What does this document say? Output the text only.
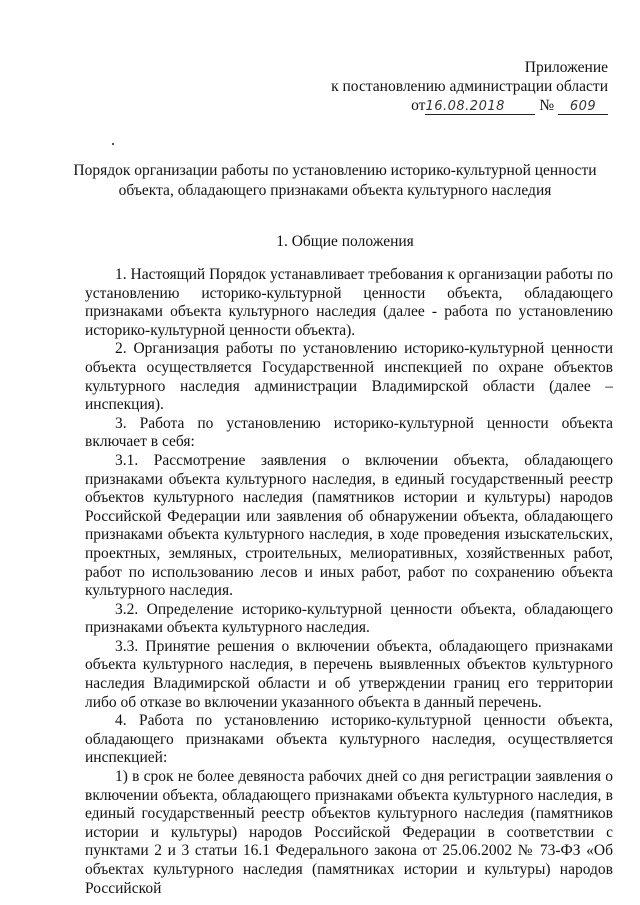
Приложение
к постановлению администрации области
от16.08.2018 № 609
Порядок организации работы по установлению историко-культурной ценности объекта, обладающего признаками объекта культурного наследия
1. Общие положения

1. Настоящий Порядок устанавливает требования к организации работы по установлению историко-культурной ценности объекта, обладающего признаками объекта культурного наследия (далее - работа по установлению историко-культурной ценности объекта).

2. Организация работы по установлению историко-культурной ценности объекта осуществляется Государственной инспекцией по охране объектов культурного наследия администрации Владимирской области (далее – инспекция).

3. Работа по установлению историко-культурной ценности объекта включает в себя:

3.1. Рассмотрение заявления о включении объекта, обладающего признаками объекта культурного наследия, в единый государственный реестр объектов культурного наследия (памятников истории и культуры) народов Российской Федерации или заявления об обнаружении объекта, обладающего признаками объекта культурного наследия, в ходе проведения изыскательских, проектных, земляных, строительных, мелиоративных, хозяйственных работ, работ по использованию лесов и иных работ, работ по сохранению объекта культурного наследия.

3.2. Определение историко-культурной ценности объекта, обладающего признаками объекта культурного наследия.

3.3. Принятие решения о включении объекта, обладающего признаками объекта культурного наследия, в перечень выявленных объектов культурного наследия Владимирской области и об утверждении границ его территории либо об отказе во включении указанного объекта в данный перечень.

4. Работа по установлению историко-культурной ценности объекта, обладающего признаками объекта культурного наследия, осуществляется инспекцией:

1) в срок не более девяноста рабочих дней со дня регистрации заявления о включении объекта, обладающего признаками объекта культурного наследия, в единый государственный реестр объектов культурного наследия (памятников истории и культуры) народов Российской Федерации в соответствии с пунктами 2 и 3 статьи 16.1 Федерального закона от 25.06.2002 № 73-ФЗ «Об объектах культурного наследия (памятниках истории и культуры) народов Российской
